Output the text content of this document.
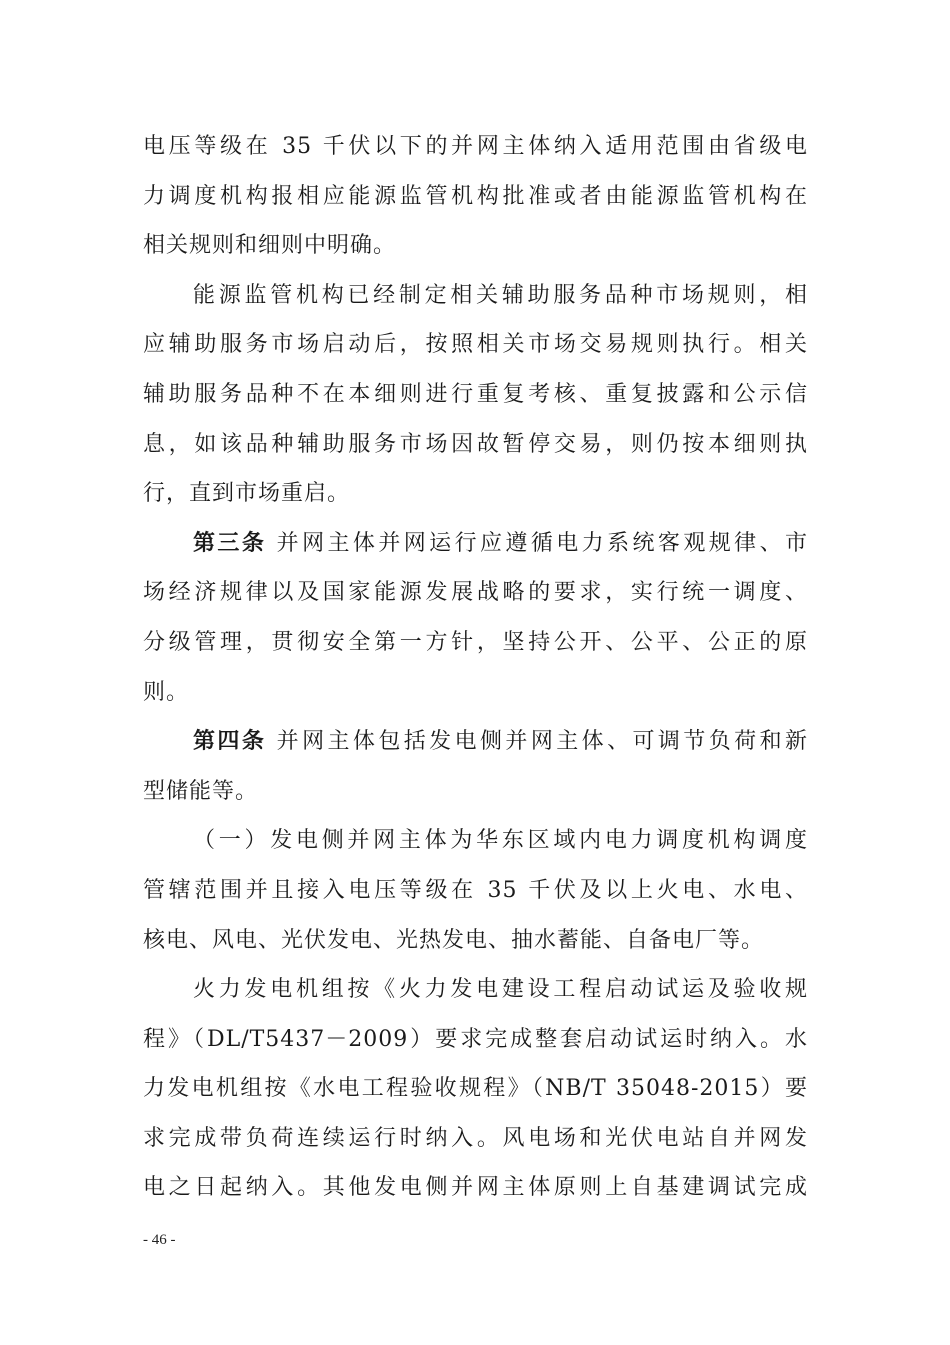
电压等级在 35 千伏以下的并网主体纳入适用范围由省级电
力调度机构报相应能源监管机构批准或者由能源监管机构在
相关规则和细则中明确。
能源监管机构已经制定相关辅助服务品种市场规则，相
应辅助服务市场启动后，按照相关市场交易规则执行。相关
辅助服务品种不在本细则进行重复考核、重复披露和公示信
息，如该品种辅助服务市场因故暂停交易，则仍按本细则执
行，直到市场重启。
第三条 并网主体并网运行应遵循电力系统客观规律、市
场经济规律以及国家能源发展战略的要求，实行统一调度、
分级管理，贯彻安全第一方针，坚持公开、公平、公正的原
则。
第四条 并网主体包括发电侧并网主体、可调节负荷和新
型储能等。
（一）发电侧并网主体为华东区域内电力调度机构调度
管辖范围并且接入电压等级在 35 千伏及以上火电、水电、
核电、风电、光伏发电、光热发电、抽水蓄能、自备电厂等。
火力发电机组按《火力发电建设工程启动试运及验收规
程》（DL/T5437－2009）要求完成整套启动试运时纳入。水
力发电机组按《水电工程验收规程》（NB/T 35048-2015）要
求完成带负荷连续运行时纳入。风电场和光伏电站自并网发
电之日起纳入。其他发电侧并网主体原则上自基建调试完成
- 46 -
